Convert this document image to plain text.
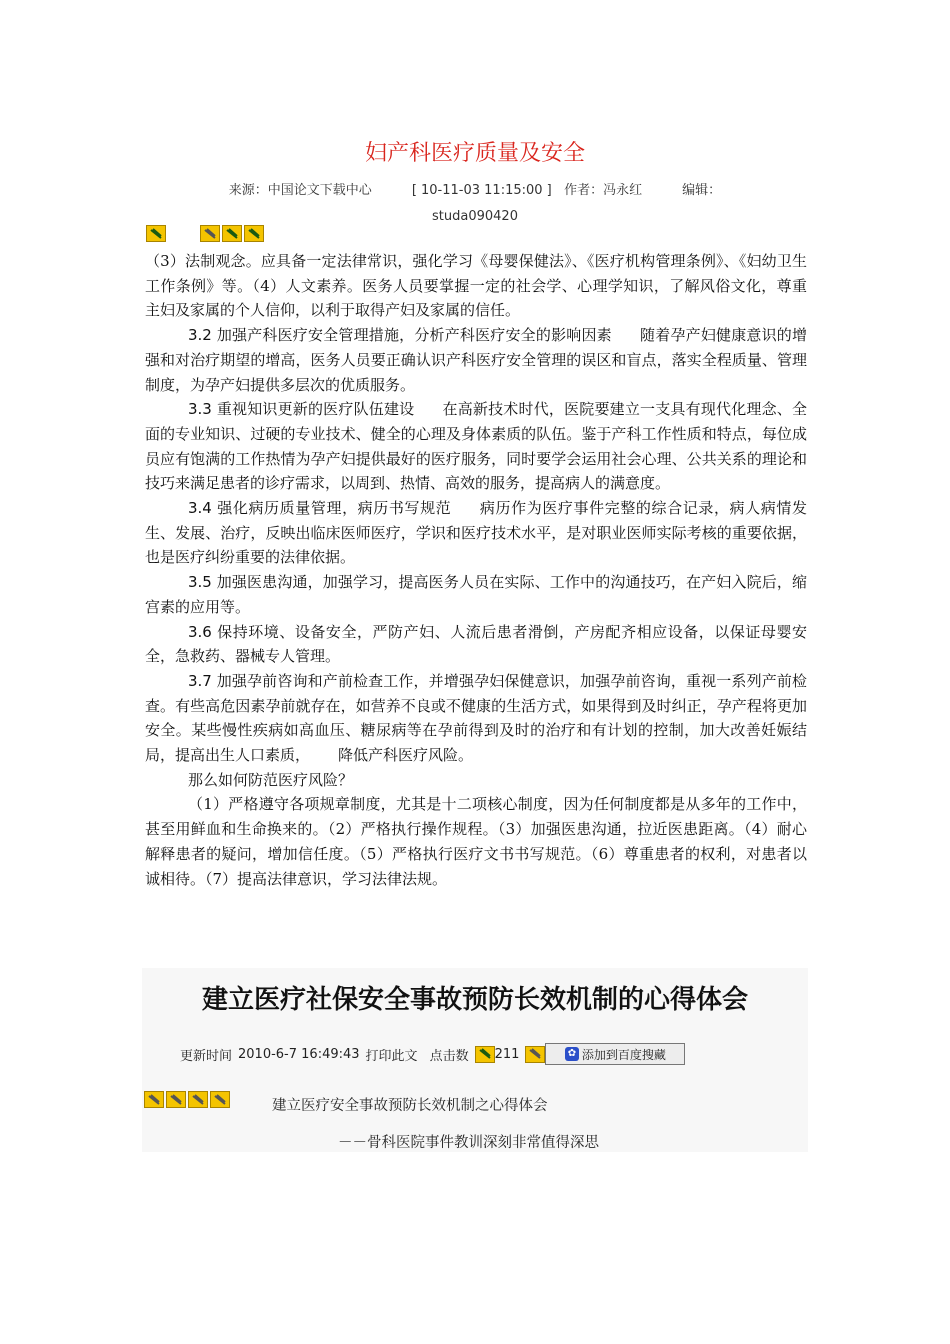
妇产科医疗质量及安全
来源：中国论文下载中心	[ 10-11-03 11:15:00 ] 作者：冯永红	编辑：
studa090420

（3）法制观念。应具备一定法律常识，强化学习《母婴保健法》、《医疗机构管理条例》、《妇幼卫生工作条例》等。（4）人文素养。医务人员要掌握一定的社会学、心理学知识，了解风俗文化，尊重主妇及家属的个人信仰，以利于取得产妇及家属的信任。

3.2 加强产科医疗安全管理措施，分析产科医疗安全的影响因素 随着孕产妇健康意识的增强和对治疗期望的增高，医务人员要正确认识产科医疗安全管理的误区和盲点，落实全程质量、管理制度，为孕产妇提供多层次的优质服务。

3.3 重视知识更新的医疗队伍建设 在高新技术时代，医院要建立一支具有现代化理念、全面的专业知识、过硬的专业技术、健全的心理及身体素质的队伍。鉴于产科工作性质和特点，每位成员应有饱满的工作热情为孕产妇提供最好的医疗服务，同时要学会运用社会心理、公共关系的理论和技巧来满足患者的诊疗需求，以周到、热情、高效的服务，提高病人的满意度。

3.4 强化病历质量管理，病历书写规范 病历作为医疗事件完整的综合记录，病人病情发生、发展、治疗，反映出临床医师医疗，学识和医疗技术水平，是对职业医师实际考核的重要依据，也是医疗纠纷重要的法律依据。

3.5 加强医患沟通，加强学习，提高医务人员在实际、工作中的沟通技巧，在产妇入院后，缩宫素的应用等。

3.6 保持环境、设备安全，严防产妇、人流后患者滑倒，产房配齐相应设备，以保证母婴安全，急救药、器械专人管理。

3.7 加强孕前咨询和产前检查工作，并增强孕妇保健意识，加强孕前咨询，重视一系列产前检查。有些高危因素孕前就存在，如营养不良或不健康的生活方式，如果得到及时纠正，孕产程将更加安全。某些慢性疾病如高血压、糖尿病等在孕前得到及时的治疗和有计划的控制，加大改善妊娠结局，提高出生人口素质， 降低产科医疗风险。

那么如何防范医疗风险？

（1）严格遵守各项规章制度，尤其是十二项核心制度，因为任何制度都是从多年的工作中，甚至用鲜血和生命换来的。（2）严格执行操作规程。（3）加强医患沟通，拉近医患距离。（4）耐心解释患者的疑问，增加信任度。（5）严格执行医疗文书书写规范。（6）尊重患者的权利，对患者以诚相待。（7）提高法律意识，学习法律法规。

建立医疗社保安全事故预防长效机制的心得体会
更新时间 2010-6-7 16:49:43 打印此文 点击数 211	✿ 添加到百度搜藏
建立医疗安全事故预防长效机制之心得体会
－－骨科医院事件教训深刻非常值得深思
